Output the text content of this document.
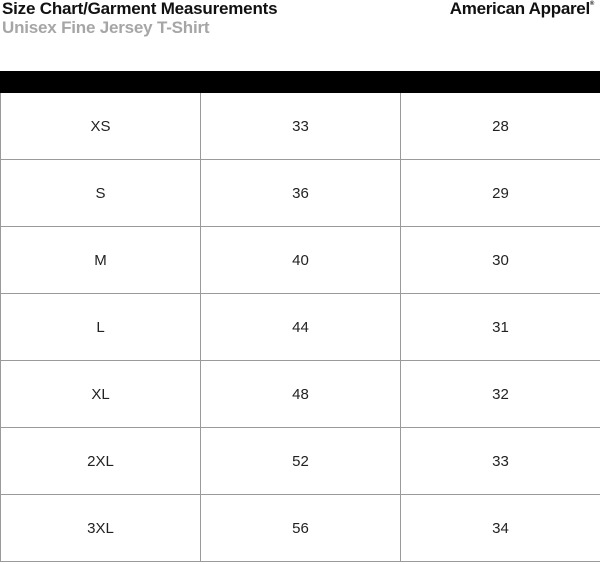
Size Chart/Garment Measurements
Unisex Fine Jersey T-Shirt
American Apparel®
XS	33	28
S	36	29
M	40	30
L	44	31
XL	48	32
2XL	52	33
3XL	56	34
